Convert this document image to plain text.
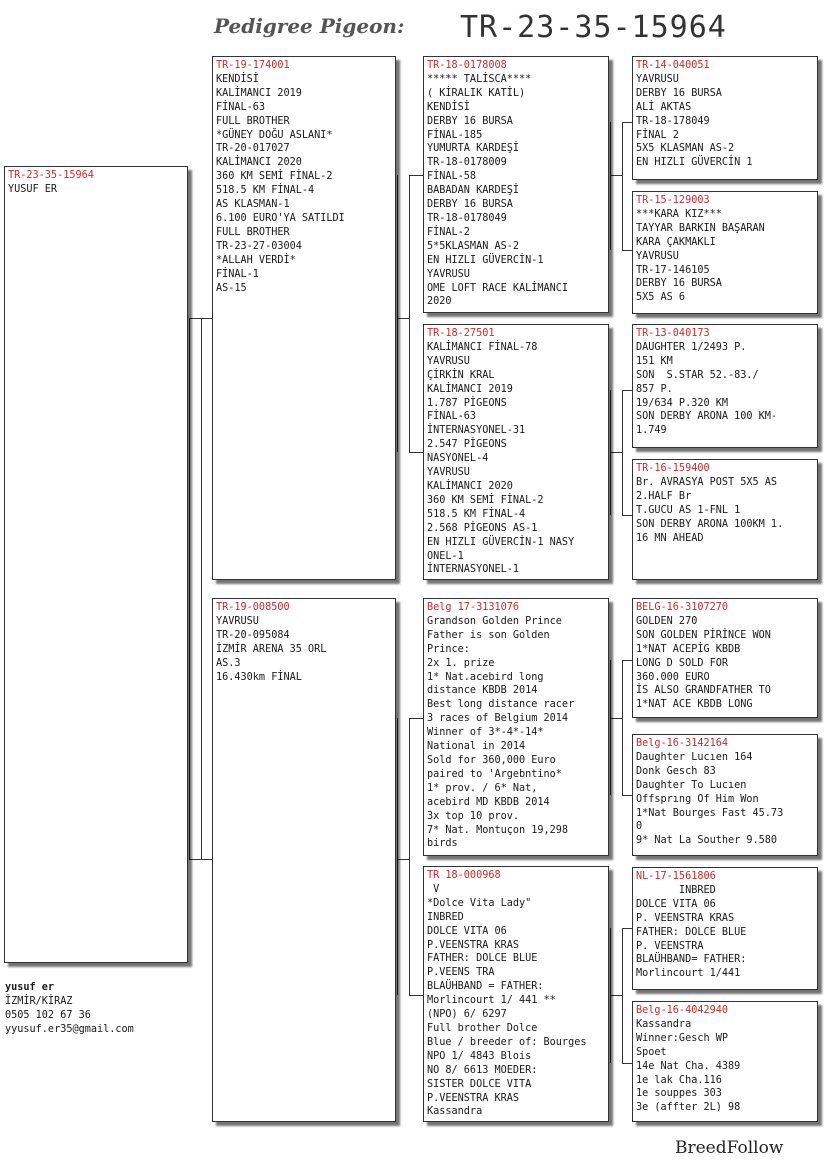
Pedigree Pigeon: TR-23-35-15964
TR-23-35-15964
YUSUF ER
TR-19-174001
KENDİSİ
KALİMANCI 2019
FİNAL-63
FULL BROTHER
*GÜNEY DOĞU ASLANI*
TR-20-017027
KALİMANCI 2020
360 KM SEMİ FİNAL-2
518.5 KM FİNAL-4
AS KLASMAN-1
6.100 EURO'YA SATILDI
FULL BROTHER
TR-23-27-03004
*ALLAH VERDİ*
FİNAL-1
AS-15
TR-19-008500
YAVRUSU
TR-20-095084
İZMİR ARENA 35 ORL
AS.3
16.430km FİNAL
TR-18-0178008
***** TALİSCA****
( KİRALIK KATİL)
KENDİSİ
DERBY 16 BURSA
FİNAL-185
YUMURTA KARDEŞİ
TR-18-0178009
FİNAL-58
BABADAN KARDEŞİ
DERBY 16 BURSA
TR-18-0178049
FİNAL-2
5*5KLASMAN AS-2
EN HIZLI GÜVERCİN-1
YAVRUSU
OME LOFT RACE KALİMANCI
2020
TR-18-27501
KALİMANCI FİNAL-78
YAVRUSU
ÇİRKİN KRAL
KALİMANCI 2019
1.787 PİGEONS
FİNAL-63
İNTERNASYONEL-31
2.547 PİGEONS
NASYONEL-4
YAVRUSU
KALİMANCI 2020
360 KM SEMİ FİNAL-2
518.5 KM FİNAL-4
2.568 PİGEONS AS-1
EN HIZLI GÜVERCİN-1 NASY
ONEL-1
İNTERNASYONEL-1
Belg 17-3131076
Grandson Golden Prince
Father is son Golden
Prince:
2x 1. prize
1* Nat.acebird long
distance KBDB 2014
Best long distance racer
3 races of Belgium 2014
Winner of 3*-4*-14*
National in 2014
Sold for 360,000 Euro
paired to 'Argebntino*
1* prov. / 6* Nat,
acebird MD KBDB 2014
3x top 10 prov.
7* Nat. Montuçon 19,298
birds
TR 18-000968
V
*Dolce Vita Lady"
INBRED
DOLCE VITA 06
P.VEENSTRA KRAS
FATHER: DOLCE BLUE
P.VEENS TRA
BLAÜHBAND = FATHER:
Morlincourt 1/ 441 **
(NPO) 6/ 6297
Full brother Dolce
Blue / breeder of: Bourges
NPO 1/ 4843 Blois
NO 8/ 6613 MOEDER:
SISTER DOLCE VITA
P.VEENSTRA KRAS
Kassandra
TR-14-040051
YAVRUSU
DERBY 16 BURSA
ALİ AKTAS
TR-18-178049
FİNAL 2
5X5 KLASMAN AS-2
EN HIZLI GÜVERCİN 1
TR-15-129003
***KARA KIZ***
TAYYAR BARKIN BAŞARAN
KARA ÇAKMAKLI
YAVRUSU
TR-17-146105
DERBY 16 BURSA
5X5 AS 6
TR-13-040173
DAUGHTER 1/2493 P.
151 KM
SON  S.STAR 52.-83./
857 P.
19/634 P.320 KM
SON DERBY ARONA 100 KM-
1.749
TR-16-159400
Br. AVRASYA POST 5X5 AS
2.HALF Br
T.GUCU AS 1-FNL 1
SON DERBY ARONA 100KM 1.
16 MN AHEAD
BELG-16-3107270
GOLDEN 270
SON GOLDEN PİRİNCE WON
1*NAT ACEPİG KBDB
LONG D SOLD FOR
360.000 EURO
İS ALSO GRANDFATHER TO
1*NAT ACE KBDB LONG
Belg-16-3142164
Daughter Lucıen 164
Donk Gesch 83
Daughter To Lucıen
Offsprıng Of Him Won
1*Nat Bourges Fast 45.73
0
9* Nat La Souther 9.580
NL-17-1561806
INBRED
DOLCE VITA 06
P. VEENSTRA KRAS
FATHER: DOLCE BLUE
P. VEENSTRA
BLAÜHBAND= FATHER:
Morlincourt 1/441
Belg-16-4042940
Kassandra
Winner:Gesch WP
Spoet
14e Nat Cha. 4389
1e lak Cha.116
1e souppes 303
3e (affter 2L) 98
yusuf er
İZMİR/KİRAZ
0505 102 67 36
yyusuf.er35@gmail.com
BreedFollow
